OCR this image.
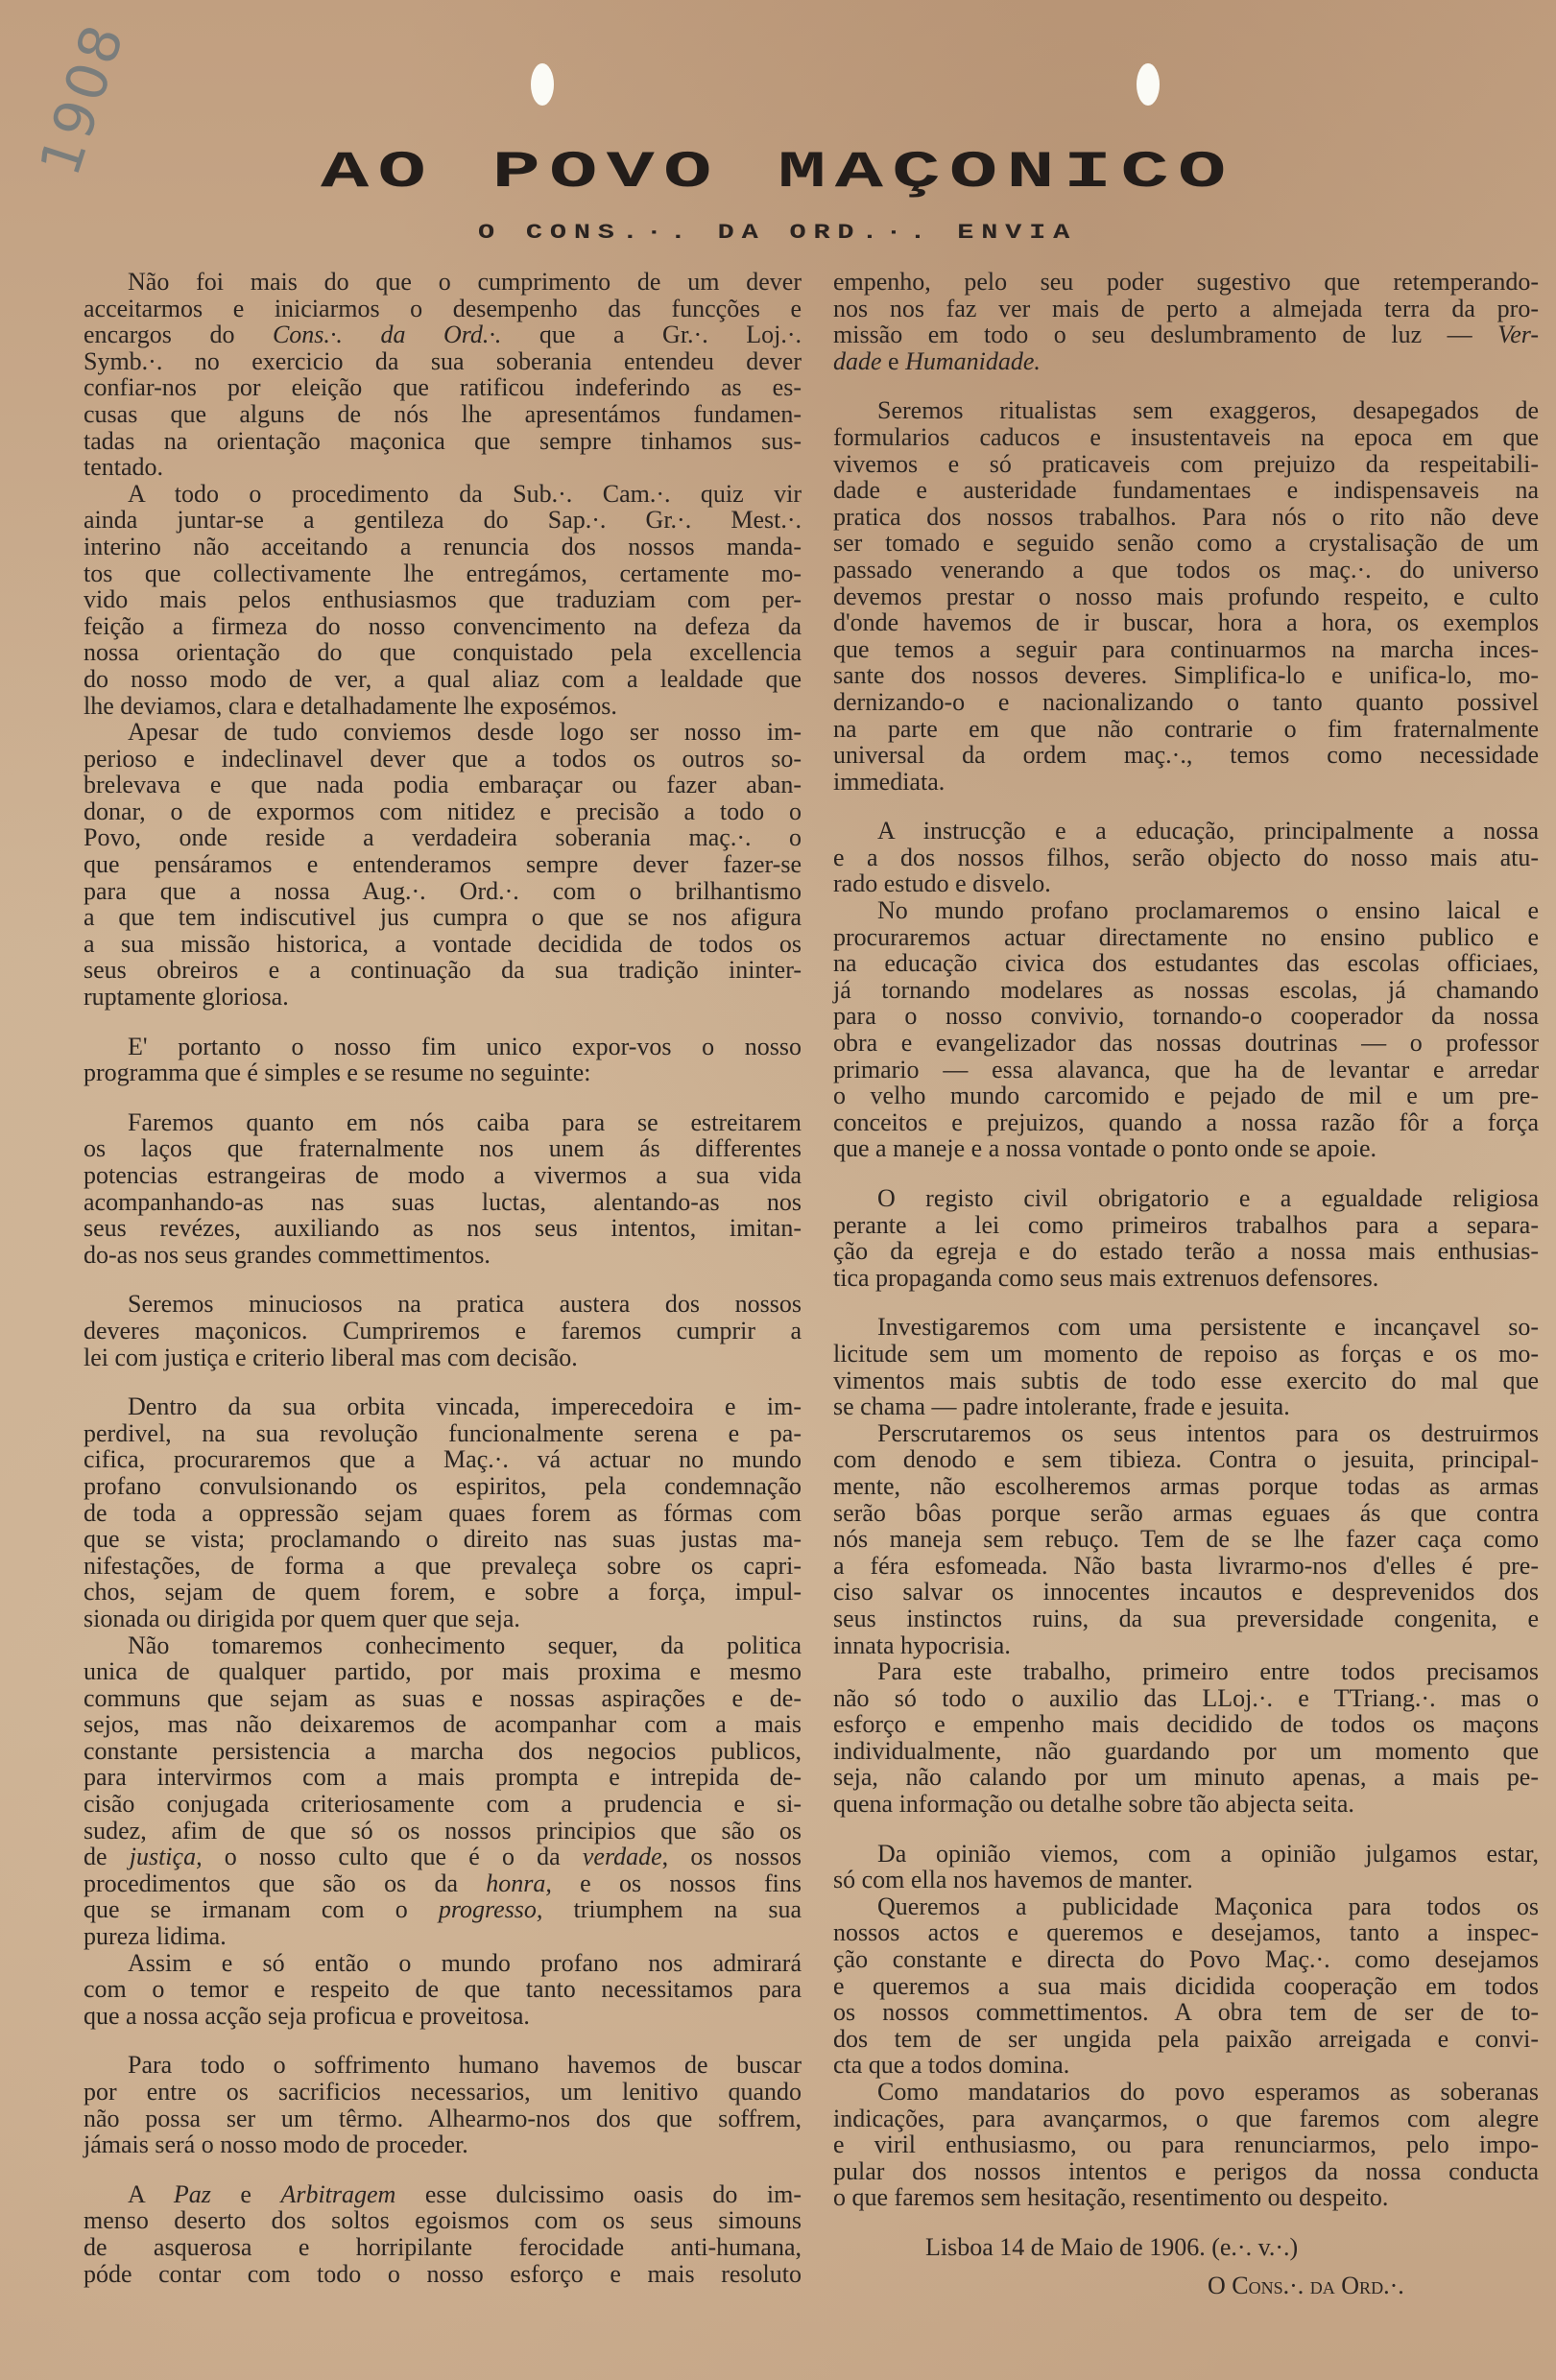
1908	AO POVO MAÇONICO
O CONS.·. DA ORD.·. ENVIA
Não foi mais do que o cumprimento de um dever
acceitarmos e iniciarmos o desempenho das funcções e
encargos do Cons.·. da Ord.·. que a Gr.·. Loj.·.
Symb.·. no exercicio da sua soberania entendeu dever
confiar-nos por eleição que ratificou indeferindo as es-
cusas que alguns de nós lhe apresentámos fundamen-
tadas na orientação maçonica que sempre tinhamos sus-
tentado.
A todo o procedimento da Sub.·. Cam.·. quiz vir
ainda juntar-se a gentileza do Sap.·. Gr.·. Mest.·.
interino não acceitando a renuncia dos nossos manda-
tos que collectivamente lhe entregámos, certamente mo-
vido mais pelos enthusiasmos que traduziam com per-
feição a firmeza do nosso convencimento na defeza da
nossa orientação do que conquistado pela excellencia
do nosso modo de ver, a qual aliaz com a lealdade que
lhe deviamos, clara e detalhadamente lhe exposémos.
Apesar de tudo conviemos desde logo ser nosso im-
perioso e indeclinavel dever que a todos os outros so-
brelevava e que nada podia embaraçar ou fazer aban-
donar, o de expormos com nitidez e precisão a todo o
Povo, onde reside a verdadeira soberania maç.·. o
que pensáramos e entenderamos sempre dever fazer-se
para que a nossa Aug.·. Ord.·. com o brilhantismo
a que tem indiscutivel jus cumpra o que se nos afigura
a sua missão historica, a vontade decidida de todos os
seus obreiros e a continuação da sua tradição ininter-
ruptamente gloriosa.
E' portanto o nosso fim unico expor-vos o nosso
programma que é simples e se resume no seguinte:
Faremos quanto em nós caiba para se estreitarem
os laços que fraternalmente nos unem ás differentes
potencias estrangeiras de modo a vivermos a sua vida
acompanhando-as nas suas luctas, alentando-as nos
seus revézes, auxiliando as nos seus intentos, imitan-
do-as nos seus grandes commettimentos.
Seremos minuciosos na pratica austera dos nossos
deveres maçonicos. Cumpriremos e faremos cumprir a
lei com justiça e criterio liberal mas com decisão.
Dentro da sua orbita vincada, imperecedoira e im-
perdivel, na sua revolução funcionalmente serena e pa-
cifica, procuraremos que a Maç.·. vá actuar no mundo
profano convulsionando os espiritos, pela condemnação
de toda a oppressão sejam quaes forem as fórmas com
que se vista; proclamando o direito nas suas justas ma-
nifestações, de forma a que prevaleça sobre os capri-
chos, sejam de quem forem, e sobre a força, impul-
sionada ou dirigida por quem quer que seja.
Não tomaremos conhecimento sequer, da politica
unica de qualquer partido, por mais proxima e mesmo
communs que sejam as suas e nossas aspirações e de-
sejos, mas não deixaremos de acompanhar com a mais
constante persistencia a marcha dos negocios publicos,
para intervirmos com a mais prompta e intrepida de-
cisão conjugada criteriosamente com a prudencia e si-
sudez, afim de que só os nossos principios que são os
de justiça, o nosso culto que é o da verdade, os nossos
procedimentos que são os da honra, e os nossos fins
que se irmanam com o progresso, triumphem na sua
pureza lidima.
Assim e só então o mundo profano nos admirará
com o temor e respeito de que tanto necessitamos para
que a nossa acção seja proficua e proveitosa.
Para todo o soffrimento humano havemos de buscar
por entre os sacrificios necessarios, um lenitivo quando
não possa ser um têrmo. Alhearmo-nos dos que soffrem,
jámais será o nosso modo de proceder.
A Paz e Arbitragem esse dulcissimo oasis do im-
menso deserto dos soltos egoismos com os seus simouns
de asquerosa e horripilante ferocidade anti-humana,
póde contar com todo o nosso esforço e mais resoluto
empenho, pelo seu poder sugestivo que retemperando-
nos nos faz ver mais de perto a almejada terra da pro-
missão em todo o seu deslumbramento de luz — Ver-
dade e Humanidade.
Seremos ritualistas sem exaggeros, desapegados de
formularios caducos e insustentaveis na epoca em que
vivemos e só praticaveis com prejuizo da respeitabili-
dade e austeridade fundamentaes e indispensaveis na
pratica dos nossos trabalhos. Para nós o rito não deve
ser tomado e seguido senão como a crystalisação de um
passado venerando a que todos os maç.·. do universo
devemos prestar o nosso mais profundo respeito, e culto
d'onde havemos de ir buscar, hora a hora, os exemplos
que temos a seguir para continuarmos na marcha inces-
sante dos nossos deveres. Simplifica-lo e unifica-lo, mo-
dernizando-o e nacionalizando o tanto quanto possivel
na parte em que não contrarie o fim fraternalmente
universal da ordem maç.·., temos como necessidade
immediata.
A instrucção e a educação, principalmente a nossa
e a dos nossos filhos, serão objecto do nosso mais atu-
rado estudo e disvelo.
No mundo profano proclamaremos o ensino laical e
procuraremos actuar directamente no ensino publico e
na educação civica dos estudantes das escolas officiaes,
já tornando modelares as nossas escolas, já chamando
para o nosso convivio, tornando-o cooperador da nossa
obra e evangelizador das nossas doutrinas — o professor
primario — essa alavanca, que ha de levantar e arredar
o velho mundo carcomido e pejado de mil e um pre-
conceitos e prejuizos, quando a nossa razão fôr a força
que a maneje e a nossa vontade o ponto onde se apoie.
O registo civil obrigatorio e a egualdade religiosa
perante a lei como primeiros trabalhos para a separa-
ção da egreja e do estado terão a nossa mais enthusias-
tica propaganda como seus mais extrenuos defensores.
Investigaremos com uma persistente e incançavel so-
licitude sem um momento de repoiso as forças e os mo-
vimentos mais subtis de todo esse exercito do mal que
se chama — padre intolerante, frade e jesuita.
Perscrutaremos os seus intentos para os destruirmos
com denodo e sem tibieza. Contra o jesuita, principal-
mente, não escolheremos armas porque todas as armas
serão bôas porque serão armas eguaes ás que contra
nós maneja sem rebuço. Tem de se lhe fazer caça como
a féra esfomeada. Não basta livrarmo-nos d'elles é pre-
ciso salvar os innocentes incautos e desprevenidos dos
seus instinctos ruins, da sua preversidade congenita, e
innata hypocrisia.
Para este trabalho, primeiro entre todos precisamos
não só todo o auxilio das LLoj.·. e TTriang.·. mas o
esforço e empenho mais decidido de todos os maçons
individualmente, não guardando por um momento que
seja, não calando por um minuto apenas, a mais pe-
quena informação ou detalhe sobre tão abjecta seita.
Da opinião viemos, com a opinião julgamos estar,
só com ella nos havemos de manter.
Queremos a publicidade Maçonica para todos os
nossos actos e queremos e desejamos, tanto a inspec-
ção constante e directa do Povo Maç.·. como desejamos
e queremos a sua mais dicidida cooperação em todos
os nossos commettimentos. A obra tem de ser de to-
dos tem de ser ungida pela paixão arreigada e convi-
cta que a todos domina.
Como mandatarios do povo esperamos as soberanas
indicações, para avançarmos, o que faremos com alegre
e viril enthusiasmo, ou para renunciarmos, pelo impo-
pular dos nossos intentos e perigos da nossa conducta
o que faremos sem hesitação, resentimento ou despeito.
Lisboa 14 de Maio de 1906. (e.·. v.·.)
O Cons.·. da Ord.·.
